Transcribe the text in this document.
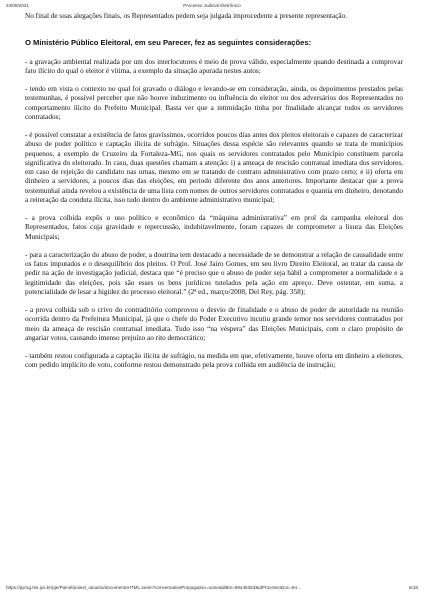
24/08/2021	Processo Judicial Eletrônico

No final de suas alegações finais, os Representados pedem seja julgada improcedente a presente representação.

O Ministério Público Eleitoral, em seu Parecer, fez as seguintes considerações:

- a gravação ambiental realizada por um dos interlocutores é meio de prova válido, especialmente quando destinada a comprovar fato ilícito do qual o eleitor é vítima, a exemplo da situação apurada nestes autos;

- tendo em vista o contexto no qual foi gravado o diálogo e levando-se em consideração, ainda, os depoimentos prestados pelas testemunhas, é possível perceber que não houve induzimento ou influência do eleitor ou dos adversários dos Representados no comportamento ilícito do Prefeito Municipal. Basta ver que a intimidação tinha por finalidade alcançar todos os servidores contratados;

- é possível constatar a existência de fatos gravíssimos, ocorridos poucos dias antes dos pleitos eleitorais e capazes de caracterizar abuso de poder político e captação ilícita de sufrágio. Situações dessa espécie são relevantes quando se trata de municípios pequenos, a exemplo de Cruzeiro da Fortaleza-MG, nos quais os servidores contratados pelo Município constituem parcela significativa do eleitorado. In casu, duas questões chamam a atenção: i) a ameaça de rescisão contratual imediata dos servidores, em caso de rejeição do candidato nas urnas, mesmo em se tratando de contrato administrativo com prazo certo; e ii) oferta em dinheiro a servidores, a poucos dias das eleições, em período diferente dos anos anteriores. Importante destacar que a prova testemunhal ainda revelou a existência de uma lista com nomes de outros servidores contratados e quantia em dinheiro, denotando a reiteração da conduta ilícita, isso tudo dentro do ambiente administrativo municipal;

- a prova colhida expôs o uso político e econômico da “máquina administrativa” em prol da campanha eleitoral dos Representados, fatos cuja gravidade e repercussão, indubitavelmente, foram capazes de comprometer a lisura das Eleições Municipais;

- para a caracterização do abuso de poder, a doutrina tem destacado a necessidade de se demonstrar a relação de causalidade entre os fatos imputados e o desequilíbrio dos pleitos. O Prof. José Jairo Gomes, em seu livro Direito Eleitoral, ao tratar da causa de pedir na ação de investigação judicial, destaca que “é preciso que o abuso de poder seja hábil a comprometer a normalidade e a legitimidade das eleições, pois são esses os bens jurídicos tutelados pela ação em apreço. Deve ostentar, em suma, a potencialidade de lesar a higidez do processo eleitoral.” (2ª ed., março/2008, Del Rey, pág. 358);

- a prova colhida sob o crivo do contraditório comprovou o desvio de finalidade e o abuso de poder de autoridade na reunião ocorrida dentro da Prefeitura Municipal, já que o chefe do Poder Executivo incutiu grande temor nos servidores contratados por meio da ameaça de rescisão contratual imediata. Tudo isso “na véspera” das Eleições Municipais, com o claro propósito de angariar votos, causando imenso prejuízo ao rito democrático;

- também restou configurada a captação ilícita de sufrágio, na medida em que, efetivamente, houve oferta em dinheiro a eleitores, com pedido implícito de voto, conforme restou demonstrado pela prova colhida em audiência de instrução;

https://pje1g.tse.jus.br/pje/Painel/painel_usuario/documentoHTML.seam?conversationPropagation=none&idBin=89445363&idProcessoDoc=94…	6/18
